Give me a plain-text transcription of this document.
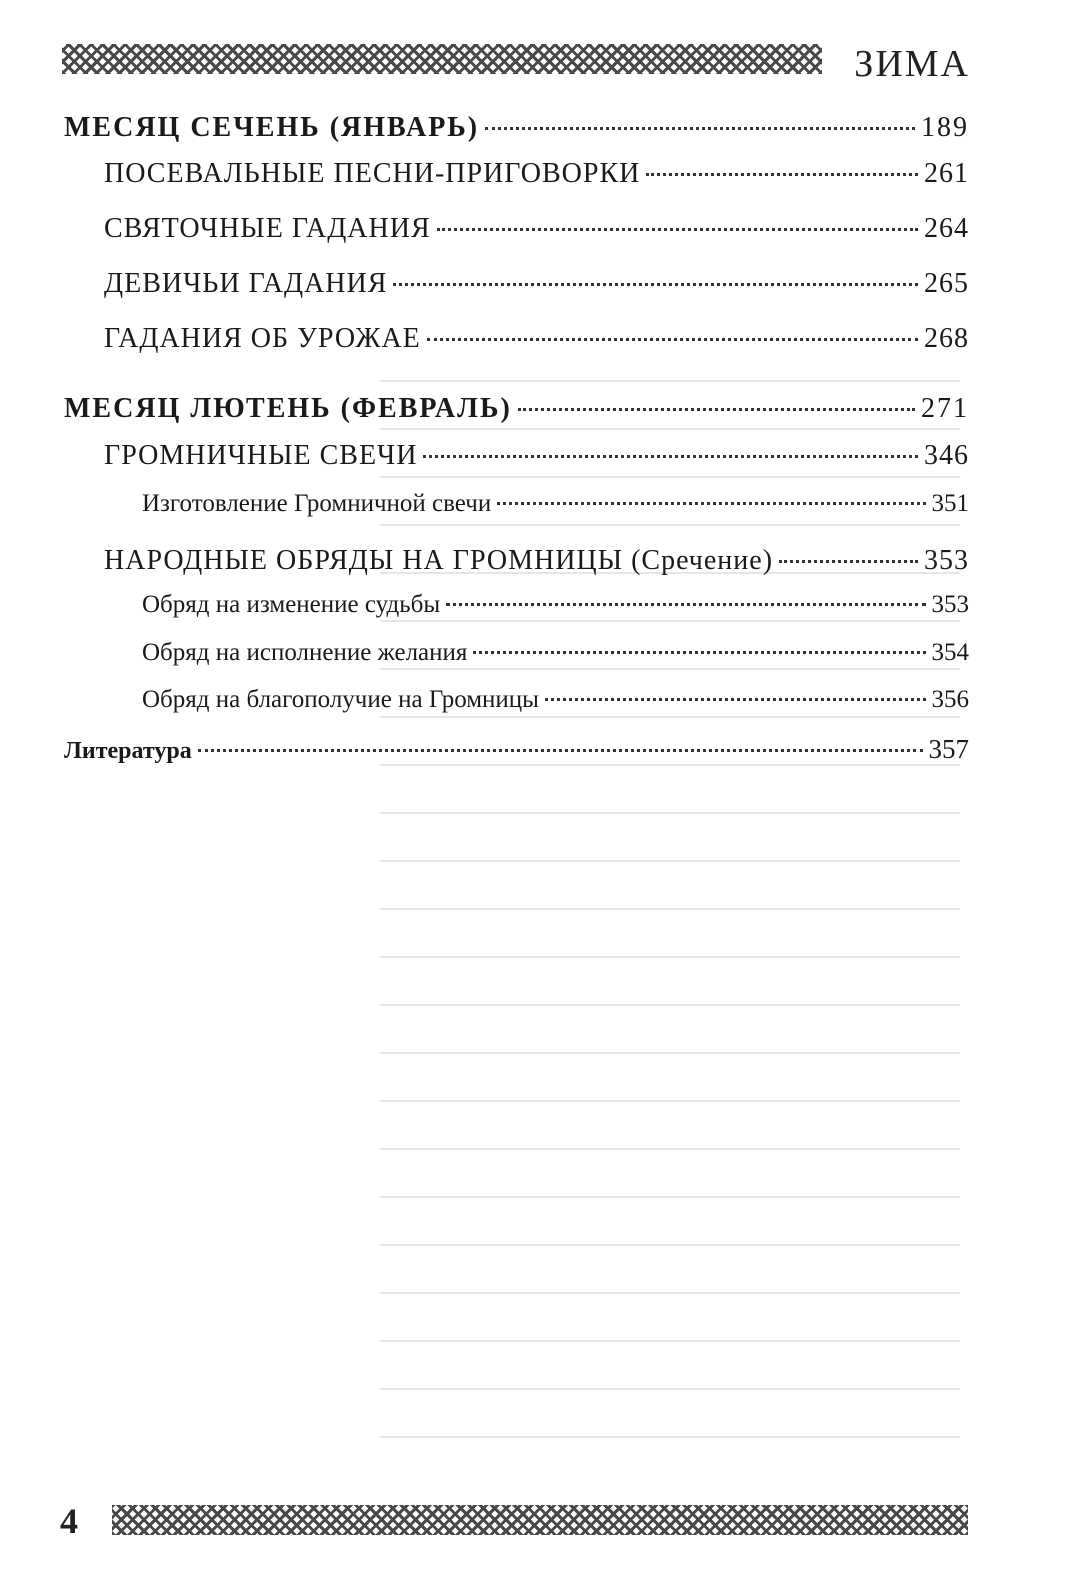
ЗИМА
МЕСЯЦ СЕЧЕНЬ (ЯНВАРЬ)	189
ПОСЕВАЛЬНЫЕ ПЕСНИ-ПРИГОВОРКИ	261
СВЯТОЧНЫЕ ГАДАНИЯ	264
ДЕВИЧЬИ ГАДАНИЯ	265
ГАДАНИЯ ОБ УРОЖАЕ	268
МЕСЯЦ ЛЮТЕНЬ (ФЕВРАЛЬ)	271
ГРОМНИЧНЫЕ СВЕЧИ	346
Изготовление Громничной свечи	351
НАРОДНЫЕ ОБРЯДЫ НА ГРОМНИЦЫ (Сречение)	353
Обряд на изменение судьбы	353
Обряд на исполнение желания	354
Обряд на благополучие на Громницы	356
Литература	357
4
